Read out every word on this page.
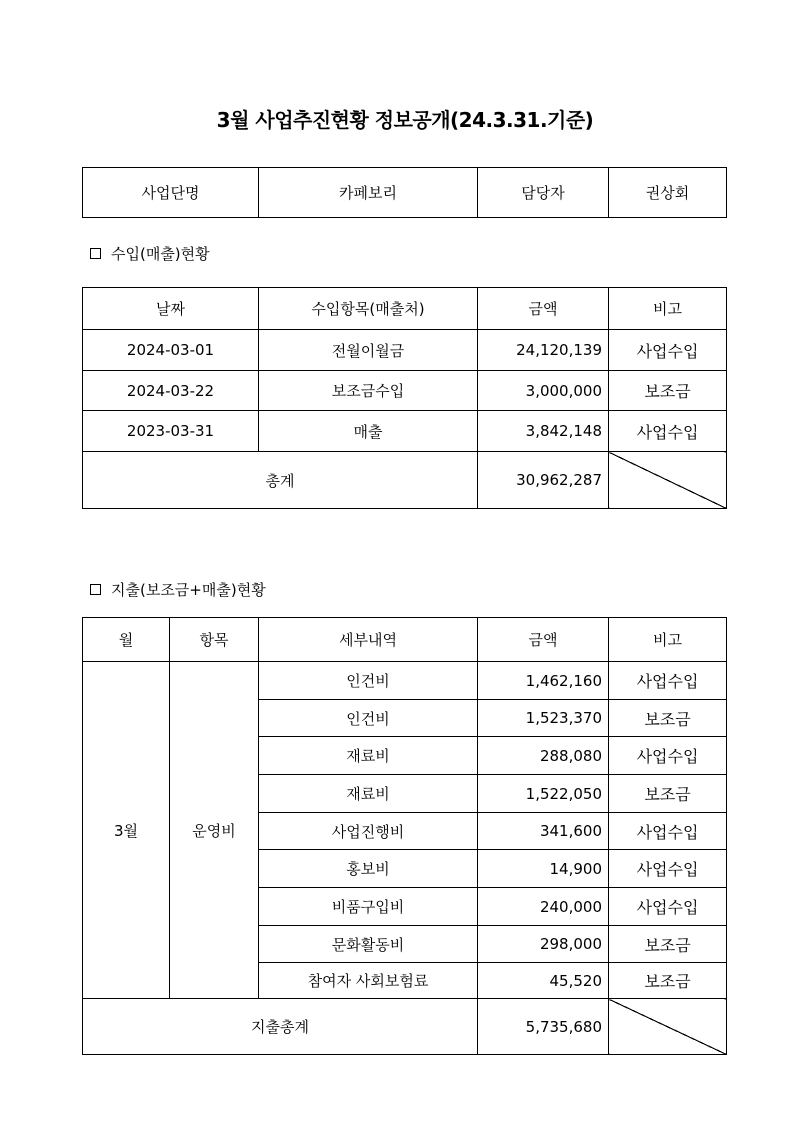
3월 사업추진현황 정보공개(24.3.31.기준)
사업단명	카페보리	담당자	권상회
수입(매출)현황
날짜	수입항목(매출처)	금액	비고
2024-03-01	전월이월금	24,120,139	사업수입
2024-03-22	보조금수입	3,000,000	보조금
2023-03-31	매출	3,842,148	사업수입
총계		30,962,287	
지출(보조금+매출)현황
월	항목	세부내역	금액	비고
3월	운영비	인건비	1,462,160	사업수입
		인건비	1,523,370	보조금
		재료비	288,080	사업수입
		재료비	1,522,050	보조금
		사업진행비	341,600	사업수입
		홍보비	14,900	사업수입
		비품구입비	240,000	사업수입
		문화활동비	298,000	보조금
		참여자 사회보험료	45,520	보조금
지출총계			5,735,680	
